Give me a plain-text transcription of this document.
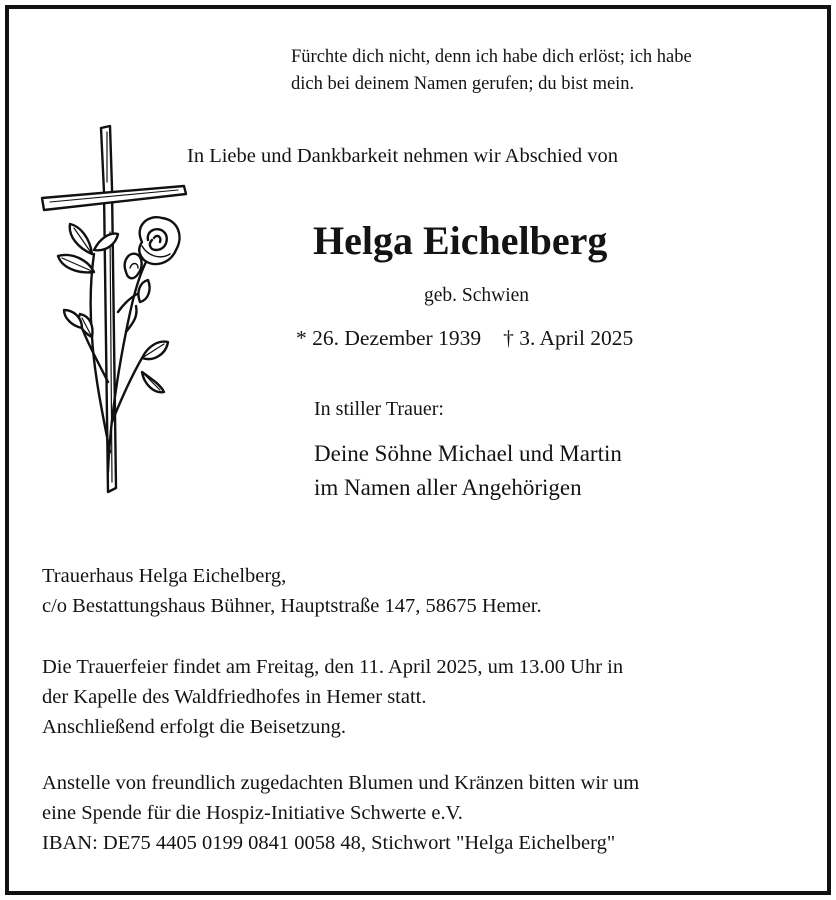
Fürchte dich nicht, denn ich habe dich erlöst; ich habe
dich bei deinem Namen gerufen; du bist mein.

In Liebe und Dankbarkeit nehmen wir Abschied von

Helga Eichelberg

geb. Schwien

* 26. Dezember 1939 † 3. April 2025

In stiller Trauer:

Deine Söhne Michael und Martin
im Namen aller Angehörigen
Trauerhaus Helga Eichelberg,
c/o Bestattungshaus Bühner, Hauptstraße 147, 58675 Hemer.
Die Trauerfeier findet am Freitag, den 11. April 2025, um 13.00 Uhr in
der Kapelle des Waldfriedhofes in Hemer statt.
Anschließend erfolgt die Beisetzung.
Anstelle von freundlich zugedachten Blumen und Kränzen bitten wir um
eine Spende für die Hospiz-Initiative Schwerte e.V.
IBAN: DE75 4405 0199 0841 0058 48, Stichwort "Helga Eichelberg"
